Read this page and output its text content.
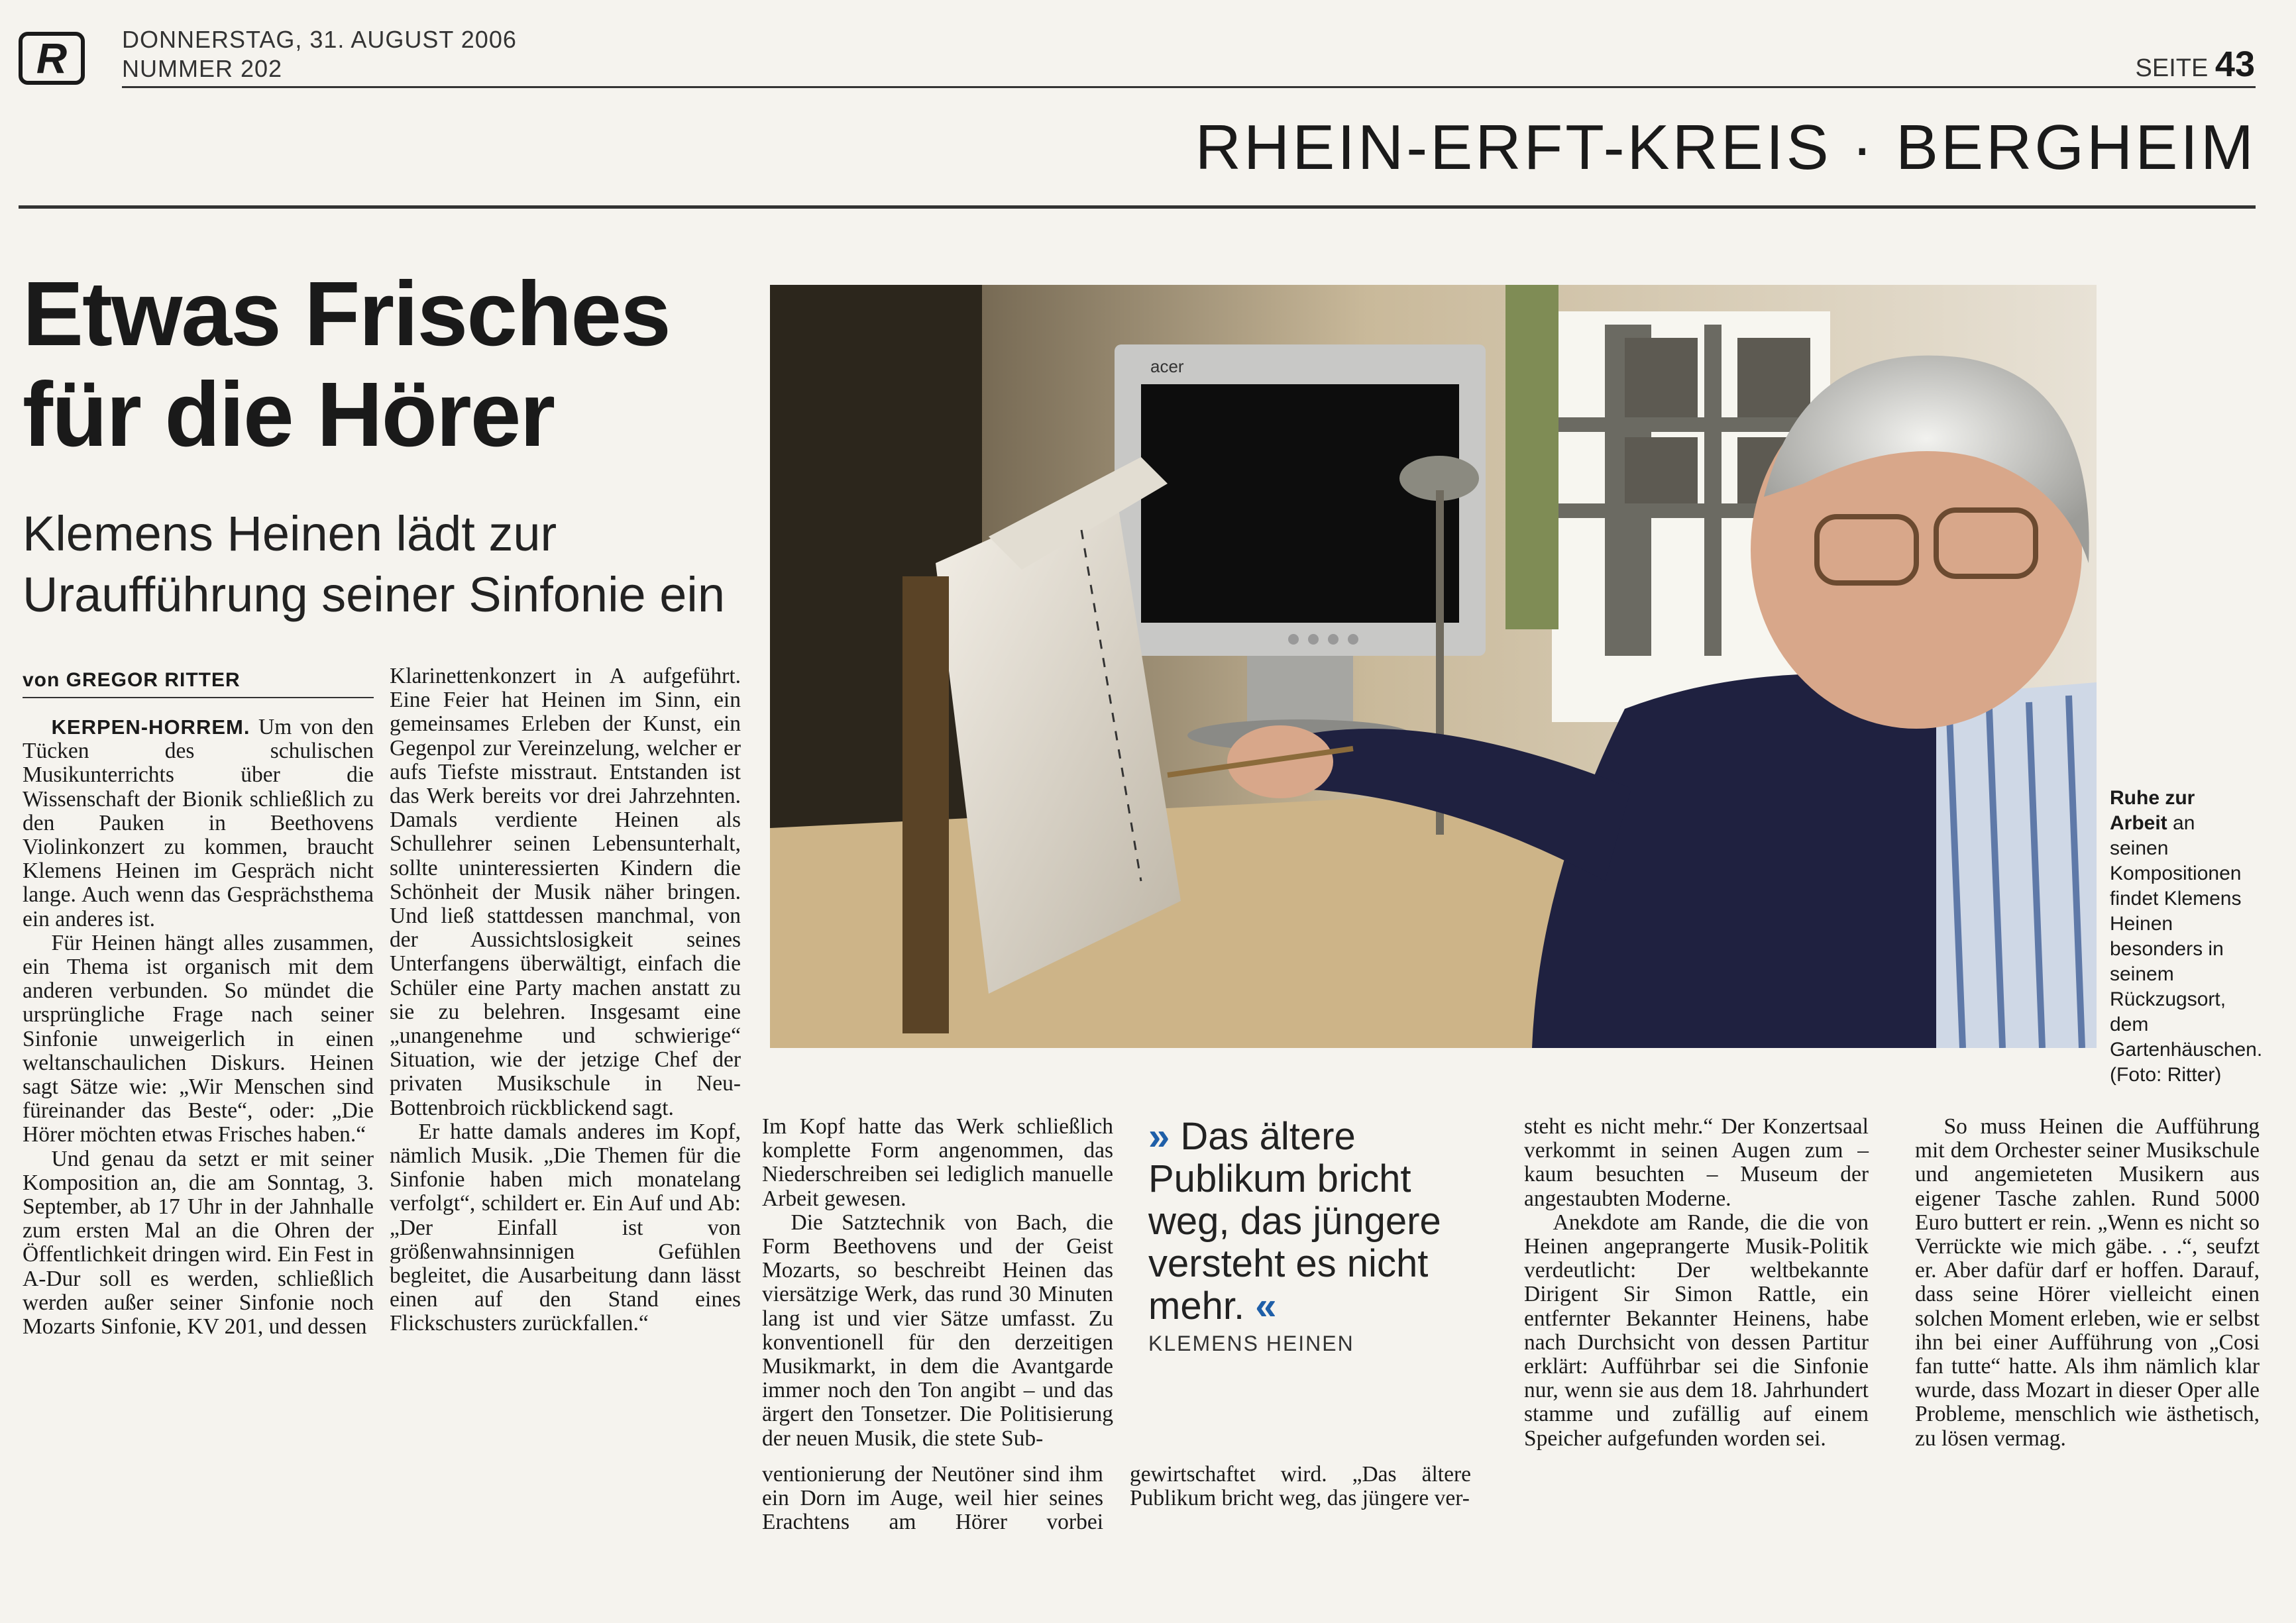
R	DONNERSTAG, 31. AUGUST 2006
NUMMER 202	SEITE 43
RHEIN-ERFT-KREIS · BERGHEIM
Etwas Frisches
für die Hörer
Klemens Heinen lädt zur
Uraufführung seiner Sinfonie ein
von GREGOR RITTER

KERPEN-HORREM. Um von den Tücken des schulischen Musikunterrichts über die Wissenschaft der Bionik schließlich zu den Pauken in Beethovens Violinkonzert zu kommen, braucht Klemens Heinen im Gespräch nicht lange. Auch wenn das Gesprächsthema ein anderes ist.

Für Heinen hängt alles zusammen, ein Thema ist organisch mit dem anderen verbunden. So mündet die ursprüngliche Frage nach seiner Sinfonie unweigerlich in einen weltanschaulichen Diskurs. Heinen sagt Sätze wie: „Wir Menschen sind füreinander das Beste“, oder: „Die Hörer möchten etwas Frisches haben.“

Und genau da setzt er mit seiner Komposition an, die am Sonntag, 3. September, ab 17 Uhr in der Jahnhalle zum ersten Mal an die Ohren der Öffentlichkeit dringen wird. Ein Fest in A-Dur soll es werden, schließlich werden außer seiner Sinfonie noch Mozarts Sinfonie, KV 201, und dessen

Klarinettenkonzert in A aufgeführt. Eine Feier hat Heinen im Sinn, ein gemeinsames Erleben der Kunst, ein Gegenpol zur Vereinzelung, welcher er aufs Tiefste misstraut. Entstanden ist das Werk bereits vor drei Jahrzehnten. Damals verdiente Heinen als Schullehrer seinen Lebensunterhalt, sollte uninteressierten Kindern die Schönheit der Musik näher bringen. Und ließ stattdessen manchmal, von der Aussichtslosigkeit seines Unterfangens überwältigt, einfach die Schüler eine Party machen anstatt zu sie zu belehren. Insgesamt eine „unangenehme und schwierige“ Situation, wie der jetzige Chef der privaten Musikschule in Neu-Bottenbroich rückblickend sagt.

Er hatte damals anderes im Kopf, nämlich Musik. „Die Themen für die Sinfonie haben mich monatelang verfolgt“, schildert er. Ein Auf und Ab: „Der Einfall ist von größenwahnsinnigen Gefühlen begleitet, die Ausarbeitung dann lässt einen auf den Stand eines Flickschusters zurückfallen.“

acer
Ruhe zur Arbeit an seinen Kompositionen findet Klemens Heinen besonders in seinem Rückzugsort, dem Gartenhäuschen.
(Foto: Ritter)

Im Kopf hatte das Werk schließlich komplette Form angenommen, das Niederschreiben sei lediglich manuelle Arbeit gewesen.

Die Satztechnik von Bach, die Form Beethovens und der Geist Mozarts, so beschreibt Heinen das viersätzige Werk, das rund 30 Minuten lang ist und vier Sätze umfasst. Zu konventionell für den derzeitigen Musikmarkt, in dem die Avantgarde immer noch den Ton angibt – und das ärgert den Tonsetzer. Die Politisierung der neuen Musik, die stete Sub-

» Das ältere Publikum bricht weg, das jüngere versteht es nicht mehr. «
KLEMENS HEINEN

ventionierung der Neutöner sind ihm ein Dorn im Auge, weil hier seines Erachtens am Hörer vorbei gewirtschaftet wird. „Das ältere Publikum bricht weg, das jüngere ver-

steht es nicht mehr.“ Der Konzertsaal verkommt in seinen Augen zum – kaum besuchten – Museum der angestaubten Moderne.

Anekdote am Rande, die die von Heinen angeprangerte Musik-Politik verdeutlicht: Der weltbekannte Dirigent Sir Simon Rattle, ein entfernter Bekannter Heinens, habe nach Durchsicht von dessen Partitur erklärt: Aufführbar sei die Sinfonie nur, wenn sie aus dem 18. Jahrhundert stamme und zufällig auf einem Speicher aufgefunden worden sei.

So muss Heinen die Aufführung mit dem Orchester seiner Musikschule und angemieteten Musikern aus eigener Tasche zahlen. Rund 5000 Euro buttert er rein. „Wenn es nicht so Verrückte wie mich gäbe. . .“, seufzt er. Aber dafür darf er hoffen. Darauf, dass seine Hörer vielleicht einen solchen Moment erleben, wie er selbst ihn bei einer Aufführung von „Cosi fan tutte“ hatte. Als ihm nämlich klar wurde, dass Mozart in dieser Oper alle Probleme, menschlich wie ästhetisch, zu lösen vermag.
